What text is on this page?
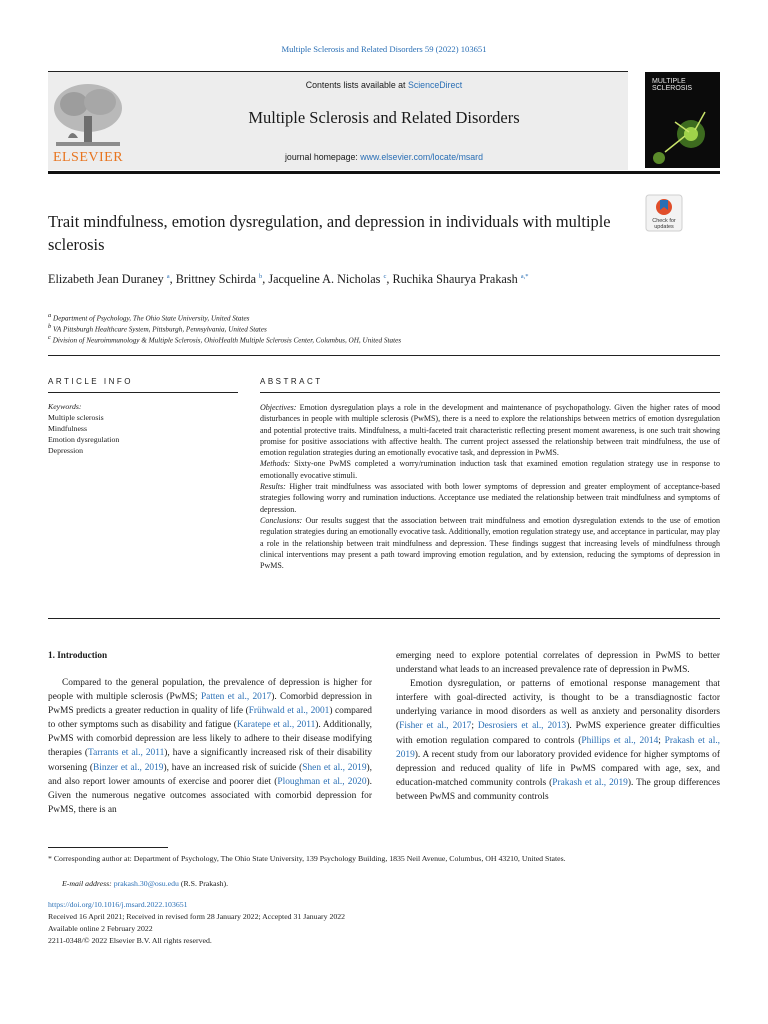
Multiple Sclerosis and Related Disorders 59 (2022) 103651
ELSEVIER
Contents lists available at ScienceDirect
Multiple Sclerosis and Related Disorders
journal homepage: www.elsevier.com/locate/msard
MULTIPLE
SCLEROSIS
Trait mindfulness, emotion dysregulation, and depression in individuals with multiple sclerosis
Check for
updates
Elizabeth Jean Duraney $^a$, Brittney Schirda $^b$, Jacqueline A. Nicholas $^c$, Ruchika Shaurya Prakash $^{a,*}$
$^a$ Department of Psychology, The Ohio State University, United States
$^b$ VA Pittsburgh Healthcare System, Pittsburgh, Pennsylvania, United States
$^c$ Division of Neuroimmunology & Multiple Sclerosis, OhioHealth Multiple Sclerosis Center, Columbus, OH, United States
ARTICLE INFO
Keywords:
Multiple sclerosis
Mindfulness
Emotion dysregulation
Depression
ABSTRACT
Objectives: Emotion dysregulation plays a role in the development and maintenance of psychopathology. Given the higher rates of mood disturbances in people with multiple sclerosis (PwMS), there is a need to explore the relationships between metrics of emotion dysregulation and potential protective traits. Mindfulness, a multi-faceted trait characteristic reflecting present moment awareness, is one such trait showing promise for positive associations with affective health. The current project assessed the relationship between trait mindfulness, the use of emotion regulation strategies during an emotionally evocative task, and depression in PwMS.
Methods: Sixty-one PwMS completed a worry/rumination induction task that examined emotion regulation strategy use in response to emotionally evocative stimuli.
Results: Higher trait mindfulness was associated with both lower symptoms of depression and greater employment of acceptance-based strategies following worry and rumination inductions. Acceptance use mediated the relationship between trait mindfulness and symptoms of depression.
Conclusions: Our results suggest that the association between trait mindfulness and emotion dysregulation extends to the use of emotion regulation strategies during an emotionally evocative task. Additionally, emotion regulation strategy use, and acceptance in particular, may play a role in the relationship between trait mindfulness and depression. These findings suggest that increasing levels of mindfulness through clinical interventions may present a path toward improving emotion regulation, and by extension, reducing the symptoms of depression in PwMS.
1. Introduction
Compared to the general population, the prevalence of depression is higher for people with multiple sclerosis (PwMS; Patten et al., 2017). Comorbid depression in PwMS predicts a greater reduction in quality of life (Frühwald et al., 2001) compared to other symptoms such as disability and fatigue (Karatepe et al., 2011). Additionally, PwMS with comorbid depression are less likely to adhere to their disease modifying therapies (Tarrants et al., 2011), have a significantly increased risk of their disability worsening (Binzer et al., 2019), have an increased risk of suicide (Shen et al., 2019), and also report lower amounts of exercise and poorer diet (Ploughman et al., 2020). Given the numerous negative outcomes associated with comorbid depression for PwMS, there is an
emerging need to explore potential correlates of depression in PwMS to better understand what leads to an increased prevalence rate of depression in PwMS.
Emotion dysregulation, or patterns of emotional response management that interfere with goal-directed activity, is thought to be a transdiagnostic factor underlying variance in mood disorders as well as anxiety and personality disorders (Fisher et al., 2017; Desrosiers et al., 2013). PwMS experience greater difficulties with emotion regulation compared to controls (Phillips et al., 2014; Prakash et al., 2019). A recent study from our laboratory provided evidence for higher symptoms of depression and reduced quality of life in PwMS compared with age, sex, and education-matched community controls (Prakash et al., 2019). The group differences between PwMS and community controls
* Corresponding author at: Department of Psychology, The Ohio State University, 139 Psychology Building, 1835 Neil Avenue, Columbus, OH 43210, United States.
E-mail address: prakash.30@osu.edu (R.S. Prakash).
https://doi.org/10.1016/j.msard.2022.103651
Received 16 April 2021; Received in revised form 28 January 2022; Accepted 31 January 2022
Available online 2 February 2022
2211-0348/© 2022 Elsevier B.V. All rights reserved.
